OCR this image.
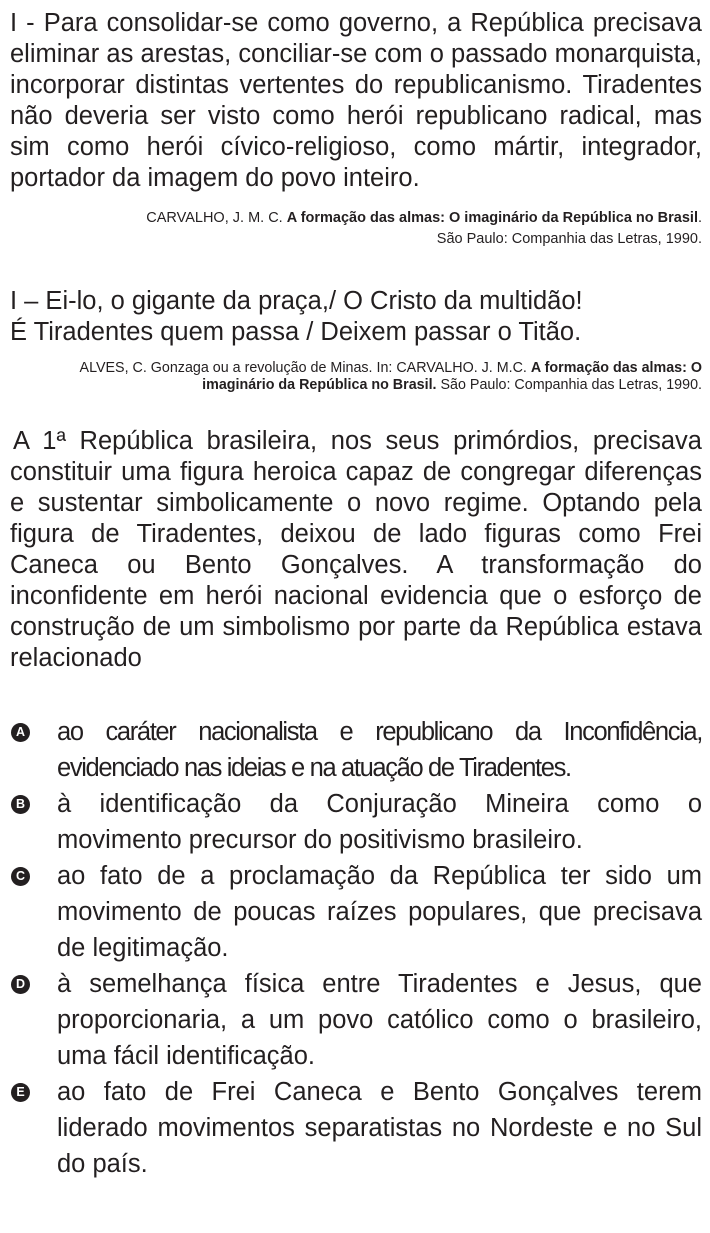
I - Para consolidar-se como governo, a República precisava eliminar as arestas, conciliar-se com o passado monarquista, incorporar distintas vertentes do republicanismo. Tiradentes não deveria ser visto como herói republicano radical, mas sim como herói cívico-religioso, como mártir, integrador, portador da imagem do povo inteiro.

CARVALHO, J. M. C. A formação das almas: O imaginário da República no Brasil.
São Paulo: Companhia das Letras, 1990.

I – Ei-lo, o gigante da praça,/ O Cristo da multidão!

É Tiradentes quem passa / Deixem passar o Titão.

ALVES, C. Gonzaga ou a revolução de Minas. In: CARVALHO. J. M.C. A formação das almas: O imaginário da República no Brasil. São Paulo: Companhia das Letras, 1990.

A 1ª República brasileira, nos seus primórdios, precisava constituir uma figura heroica capaz de congregar diferenças e sustentar simbolicamente o novo regime. Optando pela figura de Tiradentes, deixou de lado figuras como Frei Caneca ou Bento Gonçalves. A transformação do inconfidente em herói nacional evidencia que o esforço de construção de um simbolismo por parte da República estava relacionado

A ao caráter nacionalista e republicano da Inconfidência, evidenciado nas ideias e na atuação de Tiradentes.
B à identificação da Conjuração Mineira como o movimento precursor do positivismo brasileiro.
C ao fato de a proclamação da República ter sido um movimento de poucas raízes populares, que precisava de legitimação.
D à semelhança física entre Tiradentes e Jesus, que proporcionaria, a um povo católico como o brasileiro, uma fácil identificação.
E ao fato de Frei Caneca e Bento Gonçalves terem liderado movimentos separatistas no Nordeste e no Sul do país.
